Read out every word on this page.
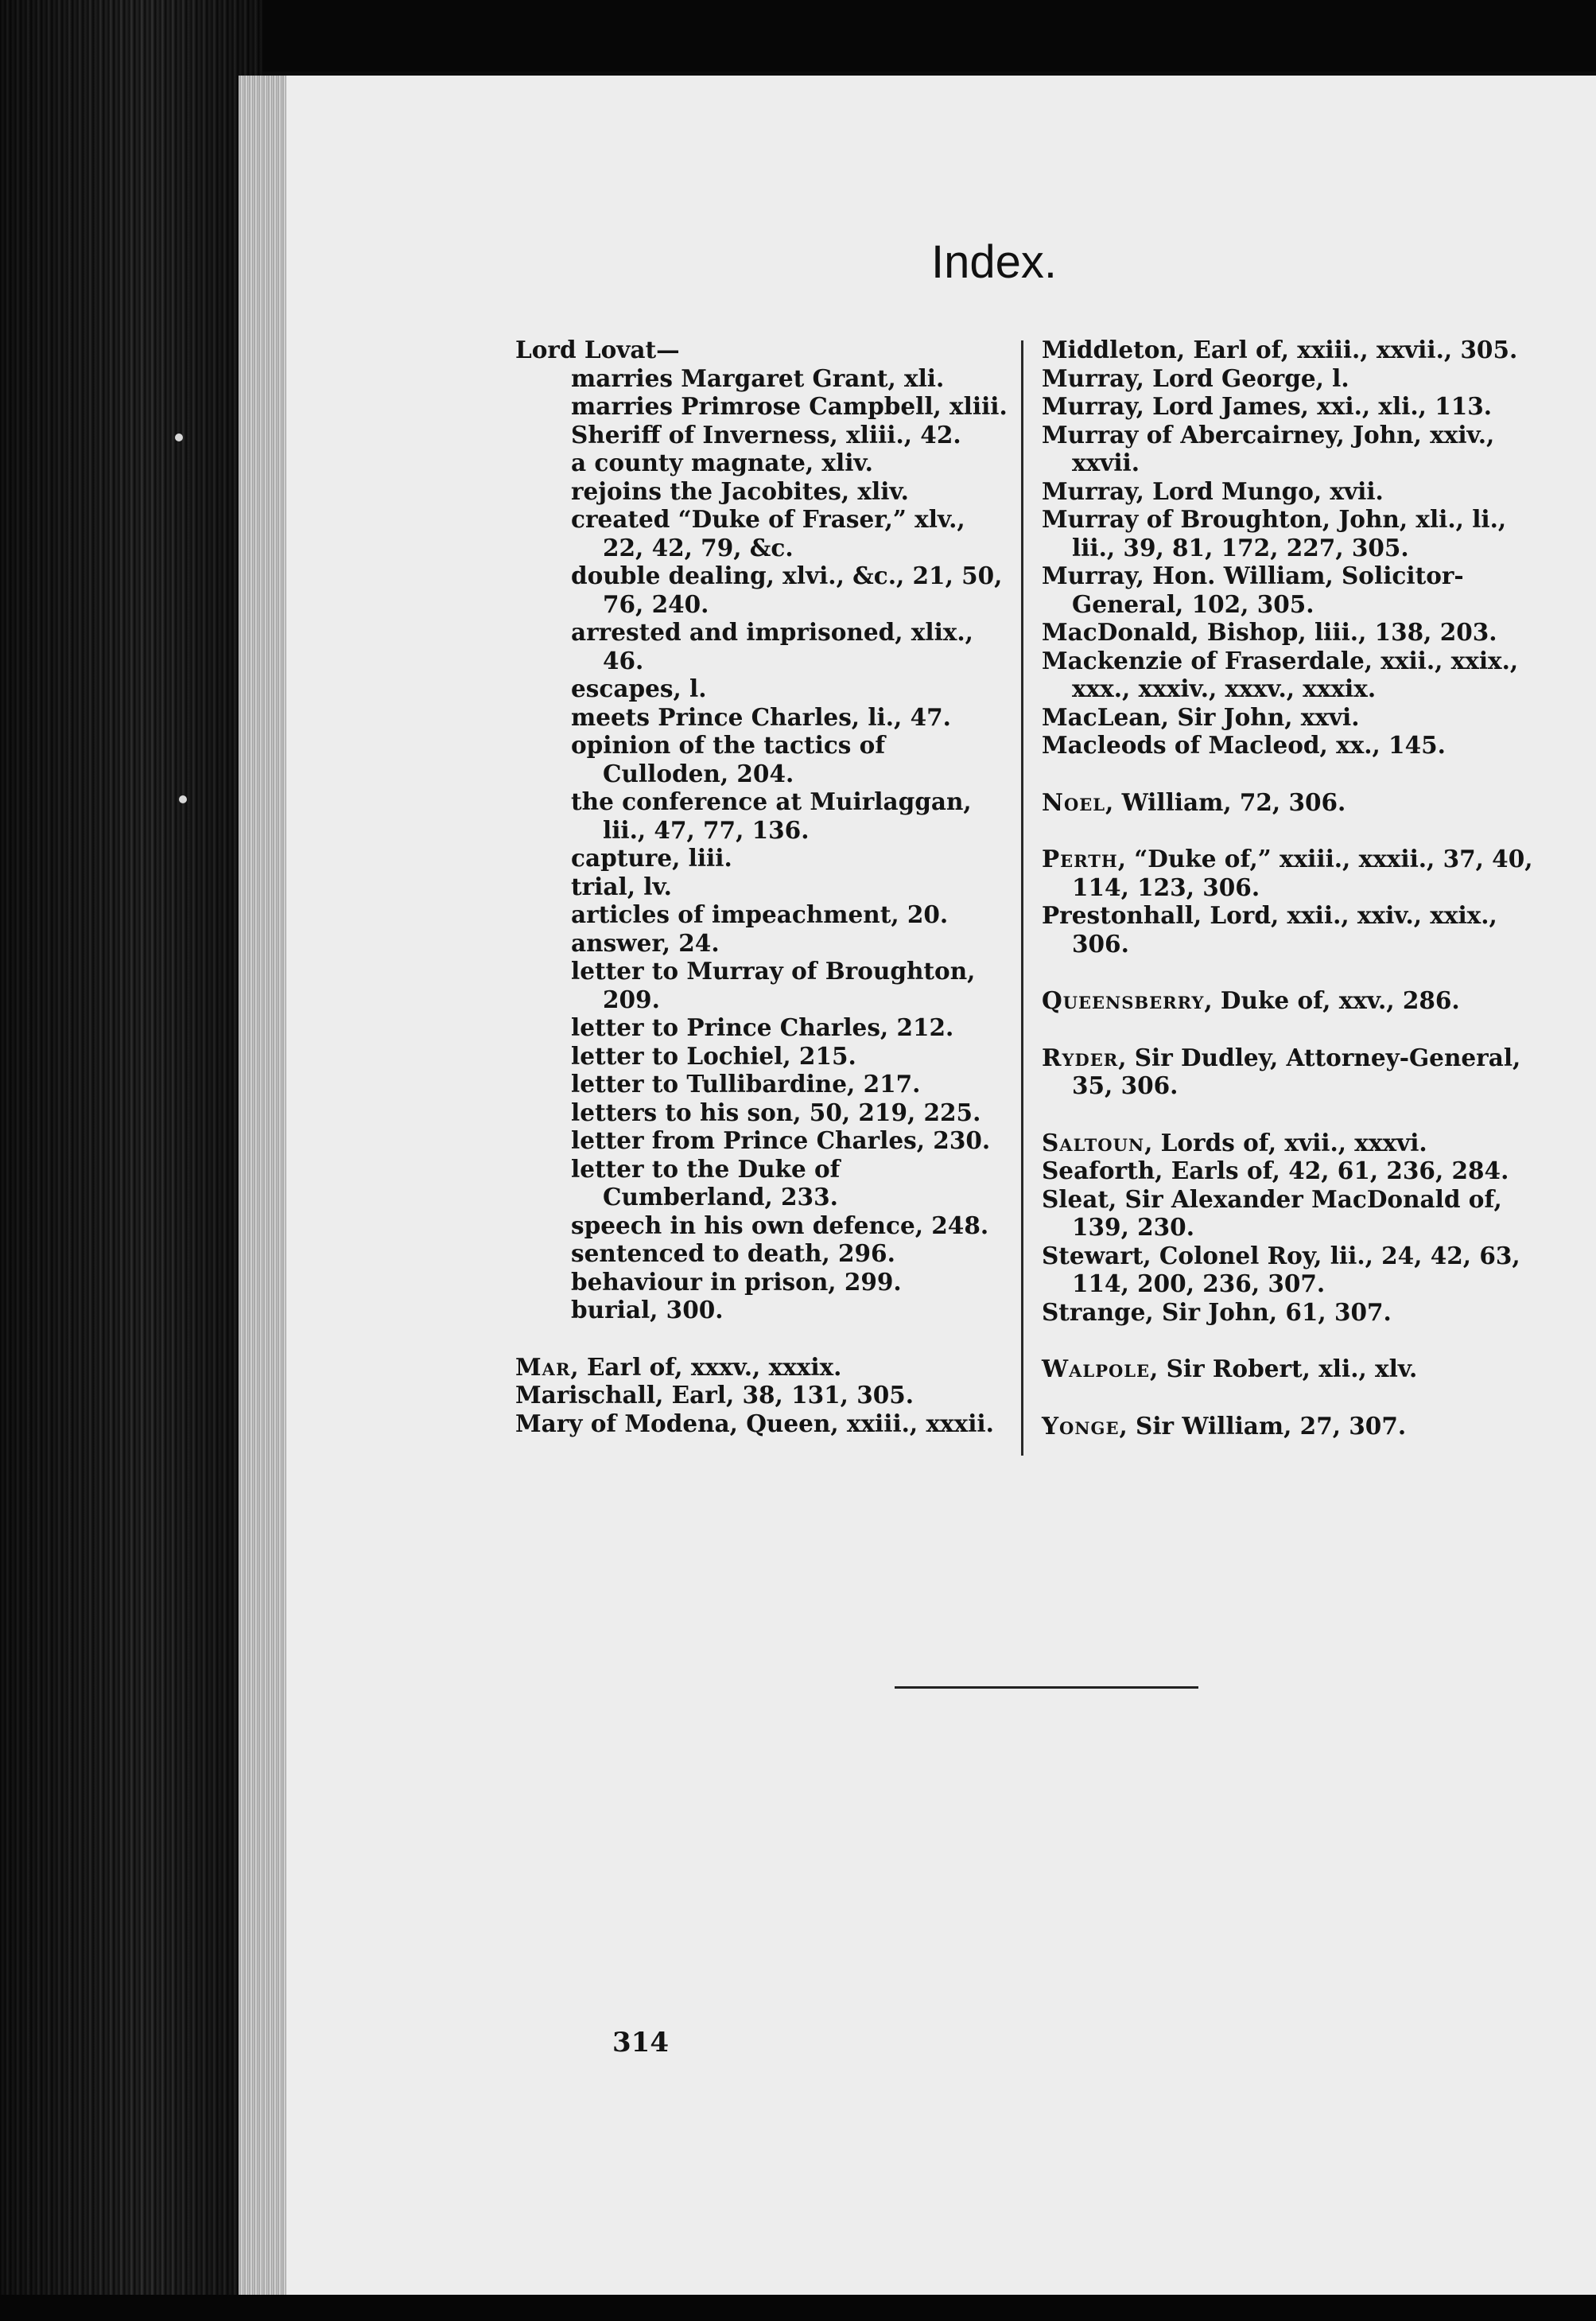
Index.
Lord Lovat—
marries Margaret Grant, xli.
marries Primrose Campbell, xliii.
Sheriff of Inverness, xliii., 42.
a county magnate, xliv.
rejoins the Jacobites, xliv.
created “Duke of Fraser,” xlv., 22, 42, 79, &c.
double dealing, xlvi., &c., 21, 50, 76, 240.
arrested and imprisoned, xlix., 46.
escapes, l.
meets Prince Charles, li., 47.
opinion of the tactics of Culloden, 204.
the conference at Muirlaggan, lii., 47, 77, 136.
capture, liii.
trial, lv.
articles of impeachment, 20.
answer, 24.
letter to Murray of Broughton, 209.
letter to Prince Charles, 212.
letter to Lochiel, 215.
letter to Tullibardine, 217.
letters to his son, 50, 219, 225.
letter from Prince Charles, 230.
letter to the Duke of Cumberland, 233.
speech in his own defence, 248.
sentenced to death, 296.
behaviour in prison, 299.
burial, 300.
Mar, Earl of, xxxv., xxxix.
Marischall, Earl, 38, 131, 305.
Mary of Modena, Queen, xxiii., xxxii.
Middleton, Earl of, xxiii., xxvii., 305.
Murray, Lord George, l.
Murray, Lord James, xxi., xli., 113.
Murray of Abercairney, John, xxiv., xxvii.
Murray, Lord Mungo, xvii.
Murray of Broughton, John, xli., li., lii., 39, 81, 172, 227, 305.
Murray, Hon. William, Solicitor-General, 102, 305.
MacDonald, Bishop, liii., 138, 203.
Mackenzie of Fraserdale, xxii., xxix., xxx., xxxiv., xxxv., xxxix.
MacLean, Sir John, xxvi.
Macleods of Macleod, xx., 145.
Noel, William, 72, 306.
Perth, “Duke of,” xxiii., xxxii., 37, 40, 114, 123, 306.
Prestonhall, Lord, xxii., xxiv., xxix., 306.
Queensberry, Duke of, xxv., 286.
Ryder, Sir Dudley, Attorney-General, 35, 306.
Saltoun, Lords of, xvii., xxxvi.
Seaforth, Earls of, 42, 61, 236, 284.
Sleat, Sir Alexander MacDonald of, 139, 230.
Stewart, Colonel Roy, lii., 24, 42, 63, 114, 200, 236, 307.
Strange, Sir John, 61, 307.
Walpole, Sir Robert, xli., xlv.
Yonge, Sir William, 27, 307.
314
